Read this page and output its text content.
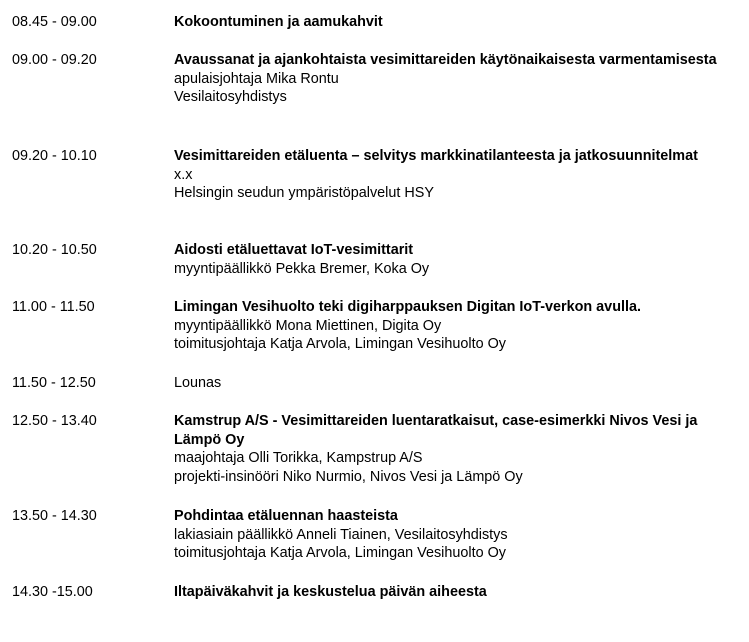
08.45 - 09.00	Kokoontuminen ja aamukahvit
09.00 - 09.20	Avaussanat ja ajankohtaista vesimittareiden käytönaikaisesta varmentamisesta
apulaisjohtaja Mika Rontu
Vesilaitosyhdistys
09.20 - 10.10	Vesimittareiden etäluenta – selvitys markkinatilanteesta ja jatkosuunnitelmat
x.x
Helsingin seudun ympäristöpalvelut HSY
10.20 - 10.50	Aidosti etäluettavat IoT-vesimittarit
myyntipäällikkö Pekka Bremer, Koka Oy
11.00 - 11.50	Limingan Vesihuolto teki digiharppauksen Digitan IoT-verkon avulla.
myyntipäällikkö Mona Miettinen, Digita Oy
toimitusjohtaja Katja Arvola, Limingan Vesihuolto Oy
11.50 - 12.50	Lounas
12.50 - 13.40	Kamstrup A/S - Vesimittareiden luentaratkaisut, case-esimerkki Nivos Vesi ja Lämpö Oy
maajohtaja Olli Torikka, Kampstrup A/S
projekti-insinööri Niko Nurmio, Nivos Vesi ja Lämpö Oy
13.50 - 14.30	Pohdintaa etäluennan haasteista
lakiasiain päällikkö Anneli Tiainen, Vesilaitosyhdistys
toimitusjohtaja Katja Arvola, Limingan Vesihuolto Oy
14.30 -15.00	Iltapäiväkahvit ja keskustelua päivän aiheesta
